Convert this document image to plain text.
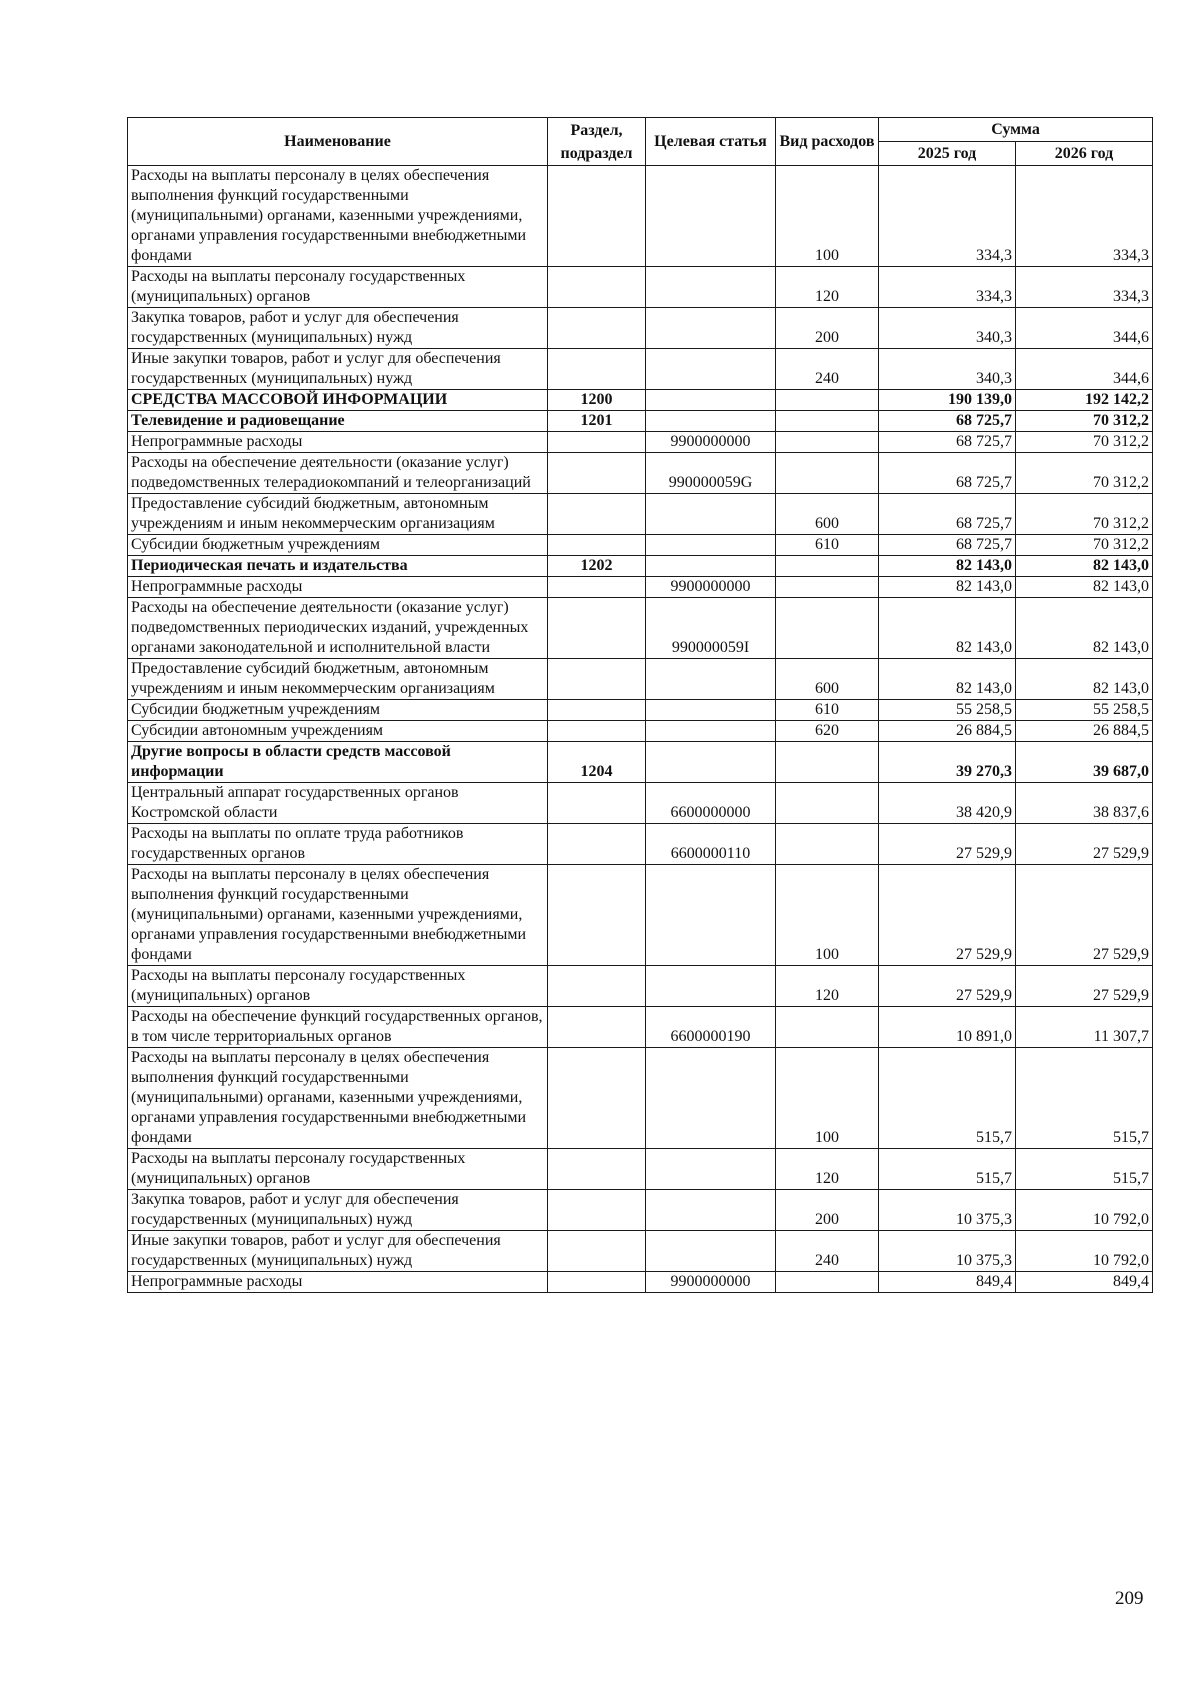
Наименование	Раздел, подраздел	Целевая статья	Вид расходов	Сумма	
				2025 год	2026 год
Расходы на выплаты персоналу в целях обеспечения выполнения функций государственными (муниципальными) органами, казенными учреждениями, органами управления государственными внебюджетными фондами			100	334,3	334,3
Расходы на выплаты персоналу государственных (муниципальных) органов			120	334,3	334,3
Закупка товаров, работ и услуг для обеспечения государственных (муниципальных) нужд			200	340,3	344,6
Иные закупки товаров, работ и услуг для обеспечения государственных (муниципальных) нужд			240	340,3	344,6
СРЕДСТВА МАССОВОЙ ИНФОРМАЦИИ	1200			190 139,0	192 142,2
Телевидение и радиовещание	1201			68 725,7	70 312,2
Непрограммные расходы		9900000000		68 725,7	70 312,2
Расходы на обеспечение деятельности (оказание услуг) подведомственных телерадиокомпаний и телеорганизаций		990000059G		68 725,7	70 312,2
Предоставление субсидий бюджетным, автономным учреждениям и иным некоммерческим организациям			600	68 725,7	70 312,2
Субсидии бюджетным учреждениям			610	68 725,7	70 312,2
Периодическая печать и издательства	1202			82 143,0	82 143,0
Непрограммные расходы		9900000000		82 143,0	82 143,0
Расходы на обеспечение деятельности (оказание услуг) подведомственных периодических изданий, учрежденных органами законодательной и исполнительной власти		990000059I		82 143,0	82 143,0
Предоставление субсидий бюджетным, автономным учреждениям и иным некоммерческим организациям			600	82 143,0	82 143,0
Субсидии бюджетным учреждениям			610	55 258,5	55 258,5
Субсидии автономным учреждениям			620	26 884,5	26 884,5
Другие вопросы в области средств массовой информации	1204			39 270,3	39 687,0
Центральный аппарат государственных органов Костромской области		6600000000		38 420,9	38 837,6
Расходы на выплаты по оплате труда работников государственных органов		6600000110		27 529,9	27 529,9
Расходы на выплаты персоналу в целях обеспечения выполнения функций государственными (муниципальными) органами, казенными учреждениями, органами управления государственными внебюджетными фондами			100	27 529,9	27 529,9
Расходы на выплаты персоналу государственных (муниципальных) органов			120	27 529,9	27 529,9
Расходы на обеспечение функций государственных органов, в том числе территориальных органов		6600000190		10 891,0	11 307,7
Расходы на выплаты персоналу в целях обеспечения выполнения функций государственными (муниципальными) органами, казенными учреждениями, органами управления государственными внебюджетными фондами			100	515,7	515,7
Расходы на выплаты персоналу государственных (муниципальных) органов			120	515,7	515,7
Закупка товаров, работ и услуг для обеспечения государственных (муниципальных) нужд			200	10 375,3	10 792,0
Иные закупки товаров, работ и услуг для обеспечения государственных (муниципальных) нужд			240	10 375,3	10 792,0
Непрограммные расходы		9900000000		849,4	849,4
209
